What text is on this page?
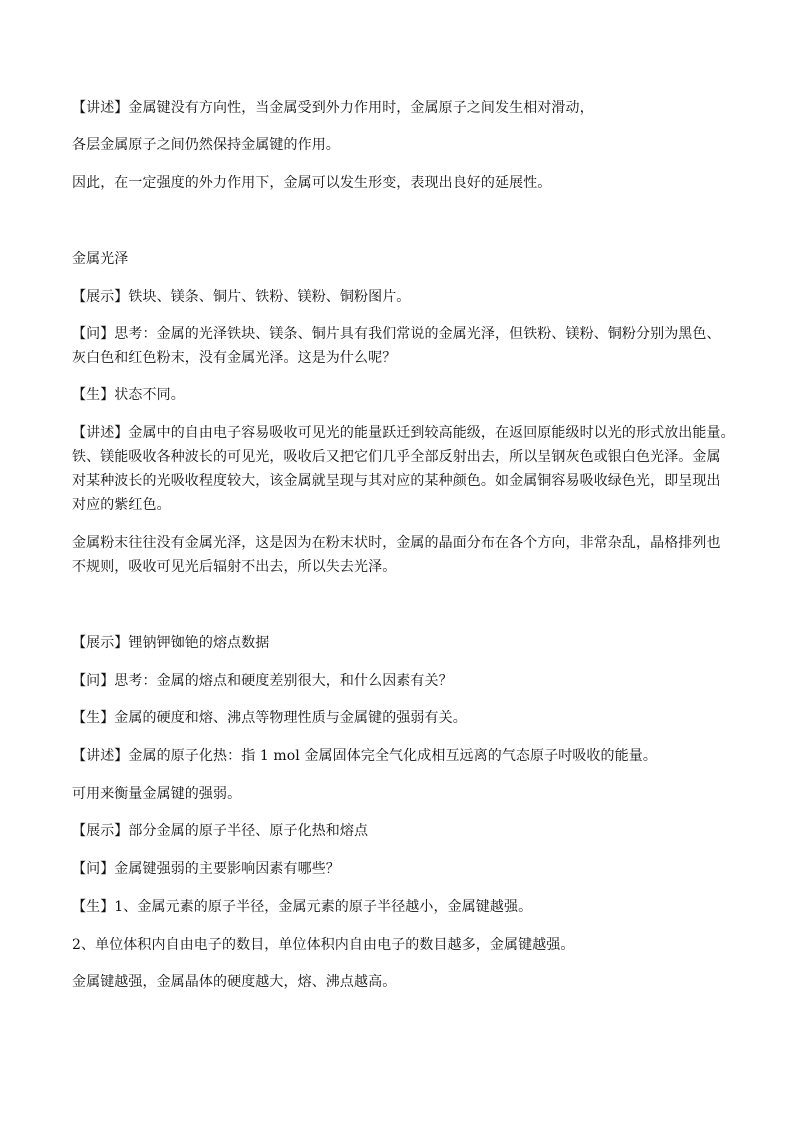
【讲述】金属键没有方向性，当金属受到外力作用时，金属原子之间发生相对滑动，
各层金属原子之间仍然保持金属键的作用。
因此，在一定强度的外力作用下，金属可以发生形变，表现出良好的延展性。
金属光泽
【展示】铁块、镁条、铜片、铁粉、镁粉、铜粉图片。
【问】思考：金属的光泽铁块、镁条、铜片具有我们常说的金属光泽，但铁粉、镁粉、铜粉分别为黑色、
灰白色和红色粉末，没有金属光泽。这是为什么呢？
【生】状态不同。
【讲述】金属中的自由电子容易吸收可见光的能量跃迁到较高能级，在返回原能级时以光的形式放出能量。
铁、镁能吸收各种波长的可见光，吸收后又把它们几乎全部反射出去，所以呈钢灰色或银白色光泽。金属
对某种波长的光吸收程度较大，该金属就呈现与其对应的某种颜色。如金属铜容易吸收绿色光，即呈现出
对应的紫红色。
金属粉末往往没有金属光泽，这是因为在粉末状时，金属的晶面分布在各个方向，非常杂乱，晶格排列也
不规则，吸收可见光后辐射不出去，所以失去光泽。
【展示】锂钠钾铷铯的熔点数据
【问】思考：金属的熔点和硬度差别很大，和什么因素有关？
【生】金属的硬度和熔、沸点等物理性质与金属键的强弱有关。
【讲述】金属的原子化热：指 1 mol 金属固体完全气化成相互远离的气态原子吋吸收的能量。
可用来衡量金属键的强弱。
【展示】部分金属的原子半径、原子化热和熔点
【问】金属键强弱的主要影响因素有哪些？
【生】1、金属元素的原子半径，金属元素的原子半径越小，金属键越强。
2、单位体积内自由电子的数目，单位体积内自由电子的数目越多，金属键越强。
金属键越强，金属晶体的硬度越大，熔、沸点越高。
